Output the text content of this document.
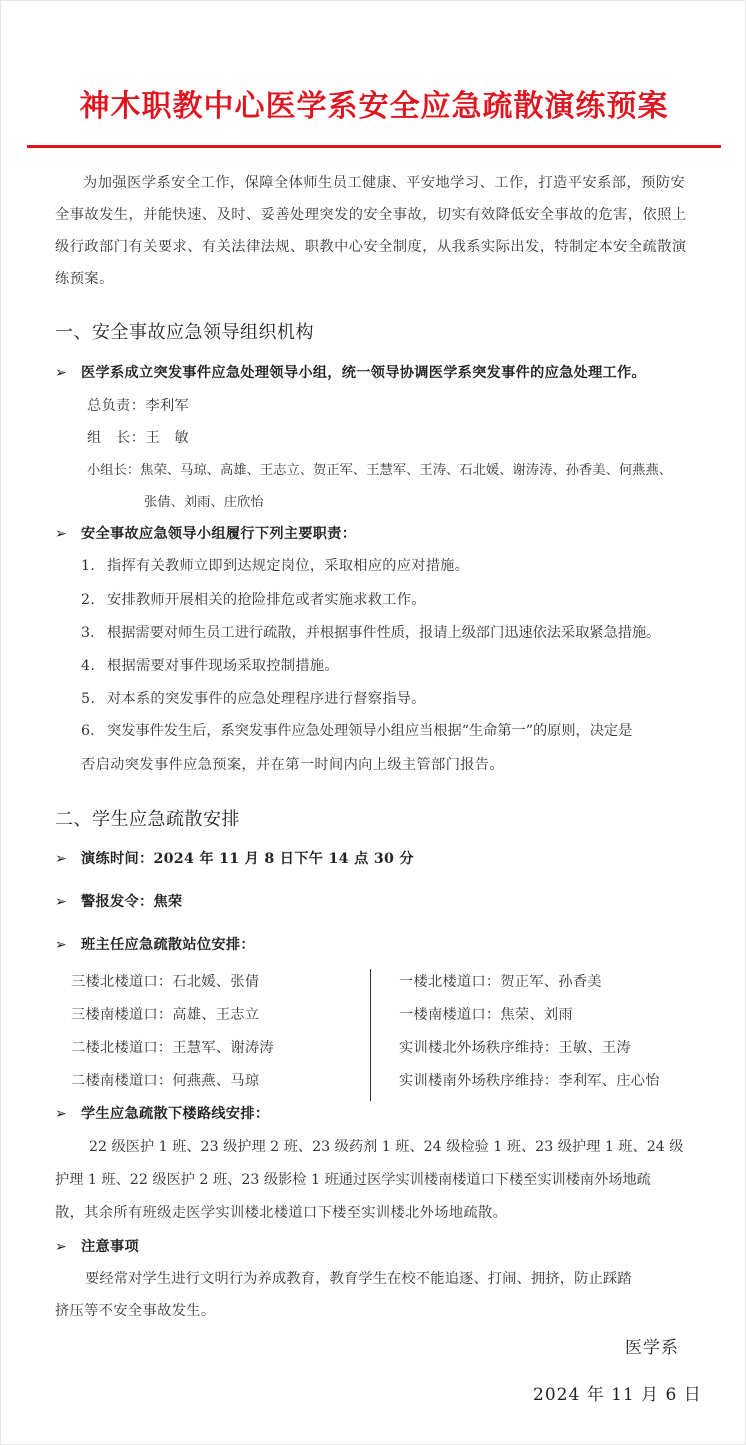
神木职教中心医学系安全应急疏散演练预案

为加强医学系安全工作，保障全体师生员工健康、平安地学习、工作，打造平安系部，预防安全事故发生，并能快速、及时、妥善处理突发的安全事故，切实有效降低安全事故的危害，依照上级行政部门有关要求、有关法律法规、职教中心安全制度，从我系实际出发，特制定本安全疏散演练预案。

一、安全事故应急领导组织机构
➢ 医学系成立突发事件应急处理领导小组，统一领导协调医学系突发事件的应急处理工作。
总负责：李利军
组　长：王　敏
小组长：焦荣、马琼、高雄、王志立、贺正军、王慧军、王涛、石北媛、谢涛涛、孙香美、何燕燕、
张倩、刘雨、庄欣怡
➢ 安全事故应急领导小组履行下列主要职责：
1. 指挥有关教师立即到达规定岗位，采取相应的应对措施。
2. 安排教师开展相关的抢险排危或者实施求救工作。
3. 根据需要对师生员工进行疏散，并根据事件性质，报请上级部门迅速依法采取紧急措施。
4. 根据需要对事件现场采取控制措施。
5. 对本系的突发事件的应急处理程序进行督察指导。
6. 突发事件发生后，系突发事件应急处理领导小组应当根据“生命第一”的原则，决定是
否启动突发事件应急预案，并在第一时间内向上级主管部门报告。
二、学生应急疏散安排
➢ 演练时间：2024 年 11 月 8 日下午 14 点 30 分
➢ 警报发令：焦荣
➢ 班主任应急疏散站位安排：
三楼北楼道口：石北媛、张倩
三楼南楼道口：高雄、王志立
二楼北楼道口：王慧军、谢涛涛
二楼南楼道口：何燕燕、马琼
一楼北楼道口：贺正军、孙香美
一楼南楼道口：焦荣、刘雨
实训楼北外场秩序维持：王敏、王涛
实训楼南外场秩序维持：李利军、庄心怡
➢ 学生应急疏散下楼路线安排：
22 级医护 1 班、23 级护理 2 班、23 级药剂 1 班、24 级检验 1 班、23 级护理 1 班、24 级
护理 1 班、22 级医护 2 班、23 级影检 1 班通过医学实训楼南楼道口下楼至实训楼南外场地疏
散，其余所有班级走医学实训楼北楼道口下楼至实训楼北外场地疏散。
➢ 注意事项
要经常对学生进行文明行为养成教育，教育学生在校不能追逐、打闹、拥挤，防止踩踏
挤压等不安全事故发生。
医学系
2024 年 11 月 6 日
